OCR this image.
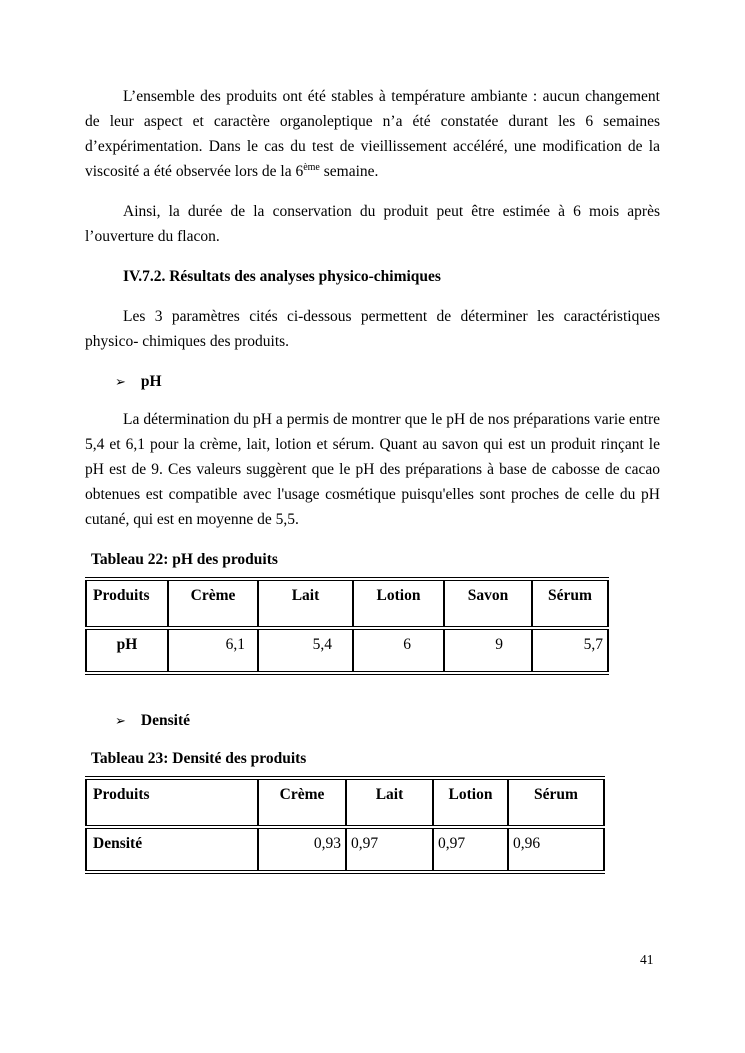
L’ensemble des produits ont été stables à température ambiante : aucun changement de leur aspect et caractère organoleptique n’a été constatée durant les 6 semaines d’expérimentation. Dans le cas du test de vieillissement accéléré, une modification de la viscosité a été observée lors de la 6ème semaine.

Ainsi, la durée de la conservation du produit peut être estimée à 6 mois après l’ouverture du flacon.

IV.7.2. Résultats des analyses physico-chimiques

Les 3 paramètres cités ci-dessous permettent de déterminer les caractéristiques physico- chimiques des produits.

➢ pH

La détermination du pH a permis de montrer que le pH de nos préparations varie entre 5,4 et 6,1 pour la crème, lait, lotion et sérum. Quant au savon qui est un produit rinçant le pH est de 9. Ces valeurs suggèrent que le pH des préparations à base de cabosse de cacao obtenues est compatible avec l'usage cosmétique puisqu'elles sont proches de celle du pH cutané, qui est en moyenne de 5,5.

Tableau 22: pH des produits

Produits	Crème	Lait	Lotion	Savon	Sérum
pH	6,1	5,4	6	9	5,7
➢ Densité

Tableau 23: Densité des produits

Produits	Crème	Lait	Lotion	Sérum
Densité	0,93	0,97	0,97	0,96
41
